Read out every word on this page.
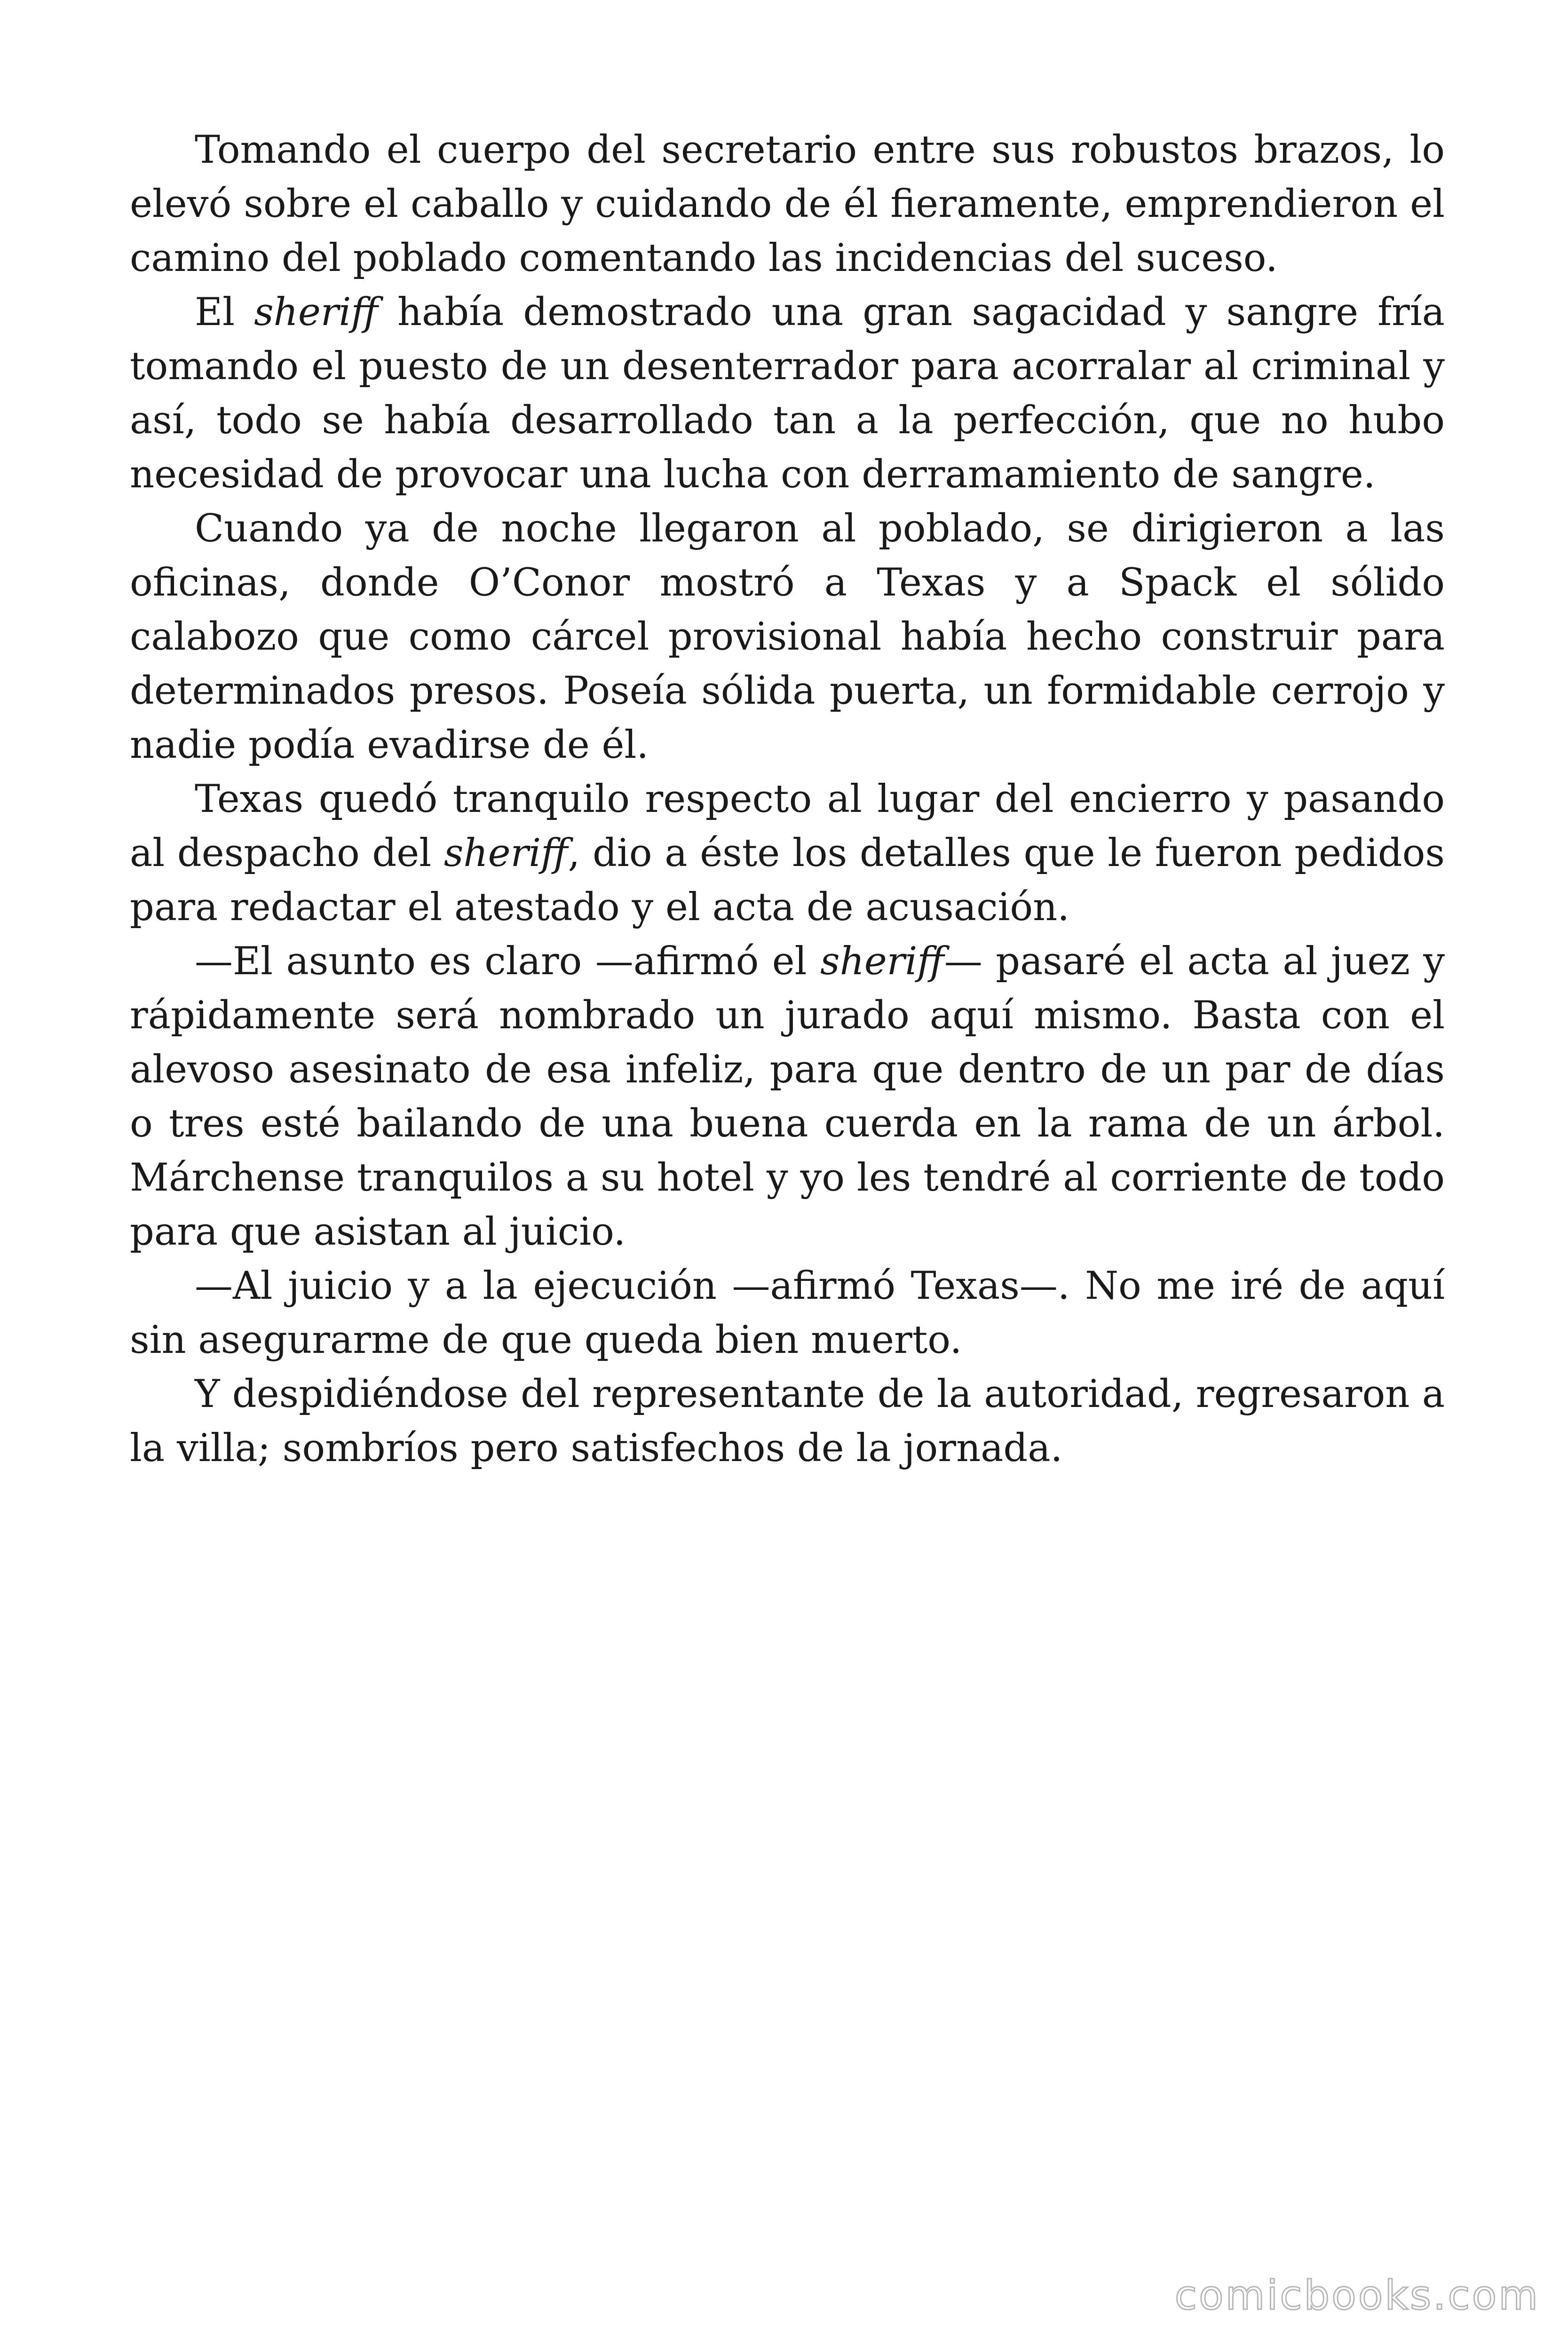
Tomando el cuerpo del secretario entre sus robustos brazos, lo elevó sobre el caballo y cuidando de él fieramente, emprendieron el camino del poblado comentando las incidencias del suceso.

El sheriff había demostrado una gran sagacidad y sangre fría tomando el puesto de un desenterrador para acorralar al criminal y así, todo se había desarrollado tan a la perfección, que no hubo necesidad de provocar una lucha con derramamiento de sangre.

Cuando ya de noche llegaron al poblado, se dirigieron a las oficinas, donde O’Conor mostró a Texas y a Spack el sólido calabozo que como cárcel provisional había hecho construir para determinados presos. Poseía sólida puerta, un formidable cerrojo y nadie podía evadirse de él.

Texas quedó tranquilo respecto al lugar del encierro y pasando al despacho del sheriff, dio a éste los detalles que le fueron pedidos para redactar el atestado y el acta de acusación.

—El asunto es claro —afirmó el sheriff— pasaré el acta al juez y rápidamente será nombrado un jurado aquí mismo. Basta con el alevoso asesinato de esa infeliz, para que dentro de un par de días o tres esté bailando de una buena cuerda en la rama de un árbol. Márchense tranquilos a su hotel y yo les tendré al corriente de todo para que asistan al juicio.

—Al juicio y a la ejecución —afirmó Texas—. No me iré de aquí sin asegurarme de que queda bien muerto.

Y despidiéndose del representante de la autoridad, regresaron a la villa; sombríos pero satisfechos de la jornada.

comicbooks.com
